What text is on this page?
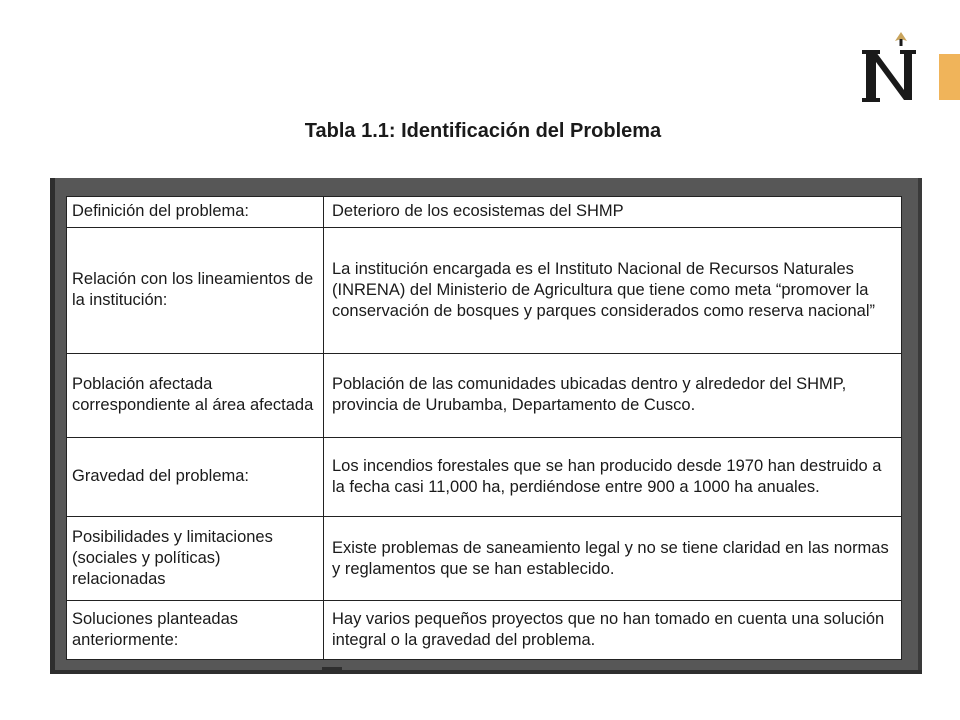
Tabla 1.1: Identificación del Problema
Definición del problema:	Deterioro de los ecosistemas del SHMP
Relación con los lineamientos de la institución:	La institución encargada es el Instituto Nacional de Recursos Naturales (INRENA) del Ministerio de Agricultura que tiene como meta “promover la conservación de bosques y parques considerados como reserva nacional”
Población afectada correspondiente al área afectada	Población de las comunidades ubicadas dentro y alrededor del SHMP, provincia de Urubamba, Departamento de Cusco.
Gravedad del problema:	Los incendios forestales que se han producido desde 1970 han destruido a la fecha casi 11,000 ha, perdiéndose entre 900 a 1000 ha anuales.
Posibilidades y limitaciones (sociales y políticas) relacionadas	Existe problemas de saneamiento legal y no se tiene claridad en las normas y reglamentos que se han establecido.
Soluciones planteadas anteriormente:	Hay varios pequeños proyectos que no han tomado en cuenta una solución integral o la gravedad del problema.
